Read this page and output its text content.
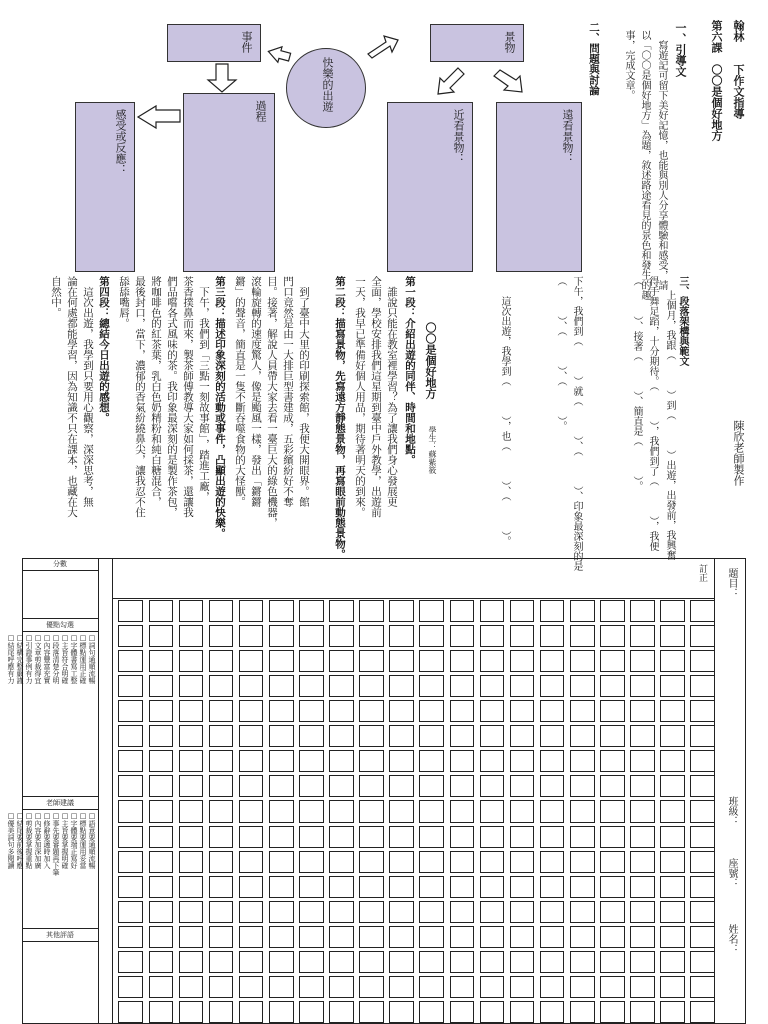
翰林
下作文指導
第六課　〇〇是個好地方
陳欣老師製作
一、引導文
寫遊記可留下美好記憶，也能與別人分享體驗和感受，請
以「〇〇是個好地方」為題，敘述路途看見的景色和發生的趣
事，完成文章。
二、問題與討論
快樂的出遊
事件	景物
過程
感受或反應：	近看景物：	遠看景物：
三、段落架構與範文
上個月，我跟（　　　）到（　　　）出遊，出發前，我興奮
得手舞足蹈，十分期待。（　　　），我們到了（　　　），我便
（　　　）、接著（　　　）、簡直是（　　　）。
下午，我們到（　　　）就（　　　）、（　　　）、印象最深刻的是
（　　　）、（　　　）、（　　　）。
這次出遊，我學到（　　　），也（　　　）、（　　　）。
〇〇是個好地方
學生：蘇紫筱
第一段：介紹出遊的同伴、時間和地點。
　誰說只能在教室裡學習？為了讓我們身心發展更
全面，學校安排我們這星期到臺中戶外教學，出遊前
一天，我早已準備好個人用品，期待著明天的到來。
第二段：描寫景物，先寫遠方靜態景物，再寫眼前動態景物。
　到了臺中大里的印刷探索館，我便大開眼界。館
門口竟然是由一大排巨型書建成，五彩繽紛好不奪
目。接著，解說人員帶大家去看一臺巨大的綠色機器，
滾輪旋轉的速度驚人，像是颱風一樣，發出「鏘鏘
鏘」的聲音，簡直是一隻不斷吞噬食物的大怪獸。
第三段：描述印象深刻的活動或事件，凸顯出遊的快樂。
　下午，我們到「三點一刻故事館」，踏進工廠，
茶香撲鼻而來，製茶師傅教導大家如何採茶，還讓我
們品嚐各式風味的茶。我印象最深刻的是製作茶包，
將咖啡色的紅茶葉，乳白色奶精粉和純白糖混合，
最後封口，當下，濃郁的香氣紛繞鼻尖，讓我忍不住
舔舔嘴唇。
第四段：總結今日出遊的感想。
　這次出遊，我學到只要用心觀察，深深思考，無
論在何處都能學習，因為知識不只在課本，也藏在大
自然中。
題目：
班級：
座號：
姓名：
訂正
分數
優點勾選
□詞句通順流暢
□標點運用正確
□字體書寫工整
□主旨符合明確
□段落清楚分明
□內容豐富充實
□文章剪裁得宜
□引證事例有力
□結構完整嚴謹
□結尾呼應有力
老師建議
□語意要通順流暢
□標點要運用妥當
□字體要端正寫好
□主旨要掌握明確
□事先要審題再下筆
□修辭要適時加入
□內容要加深加廣
□剪裁要掌握重點
□結尾要前後呼應
□優美詞句多閱讀
其他評語
